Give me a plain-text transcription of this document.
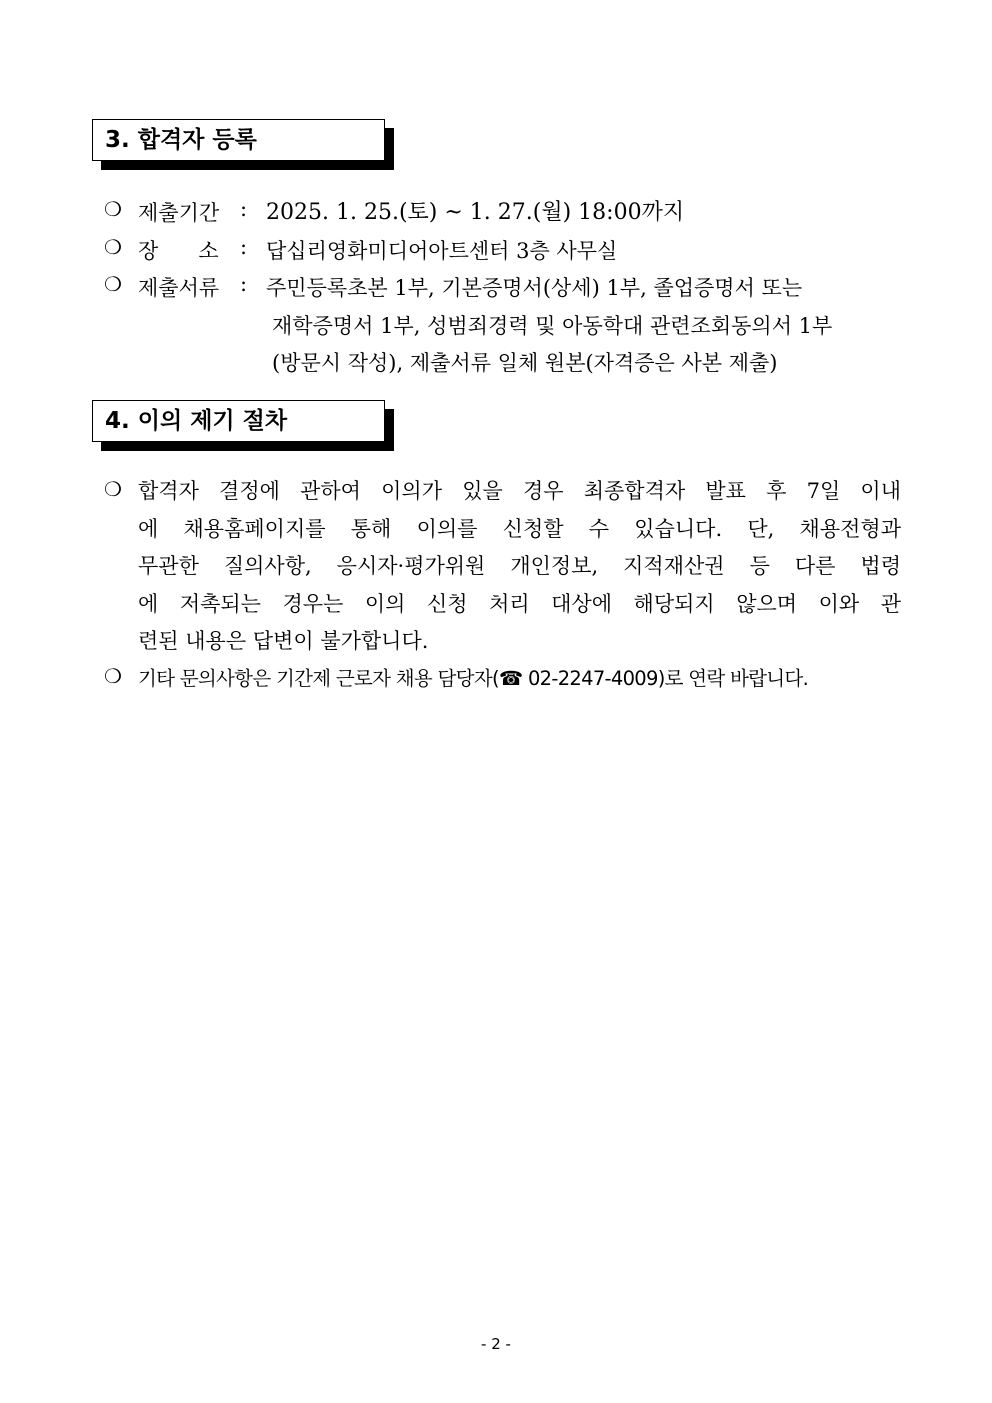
3. 합격자 등록
❍ 제출기간 : 2025. 1. 25.(토) ~ 1. 27.(월) 18:00까지
❍ 장      소 : 답십리영화미디어아트센터 3층 사무실
❍ 제출서류 : 주민등록초본 1부, 기본증명서(상세) 1부, 졸업증명서 또는
재학증명서 1부, 성범죄경력 및 아동학대 관련조회동의서 1부
(방문시 작성), 제출서류 일체 원본(자격증은 사본 제출)
4. 이의 제기 절차
❍ 합격자 결정에 관하여 이의가 있을 경우 최종합격자 발표 후 7일 이내
에 채용홈페이지를 통해 이의를 신청할 수 있습니다. 단, 채용전형과
무관한 질의사항, 응시자·평가위원 개인정보, 지적재산권 등 다른 법령
에 저촉되는 경우는 이의 신청 처리 대상에 해당되지 않으며 이와 관
련된 내용은 답변이 불가합니다.
❍ 기타 문의사항은 기간제 근로자 채용 담당자(☎ 02-2247-4009)로 연락 바랍니다.
- 2 -
